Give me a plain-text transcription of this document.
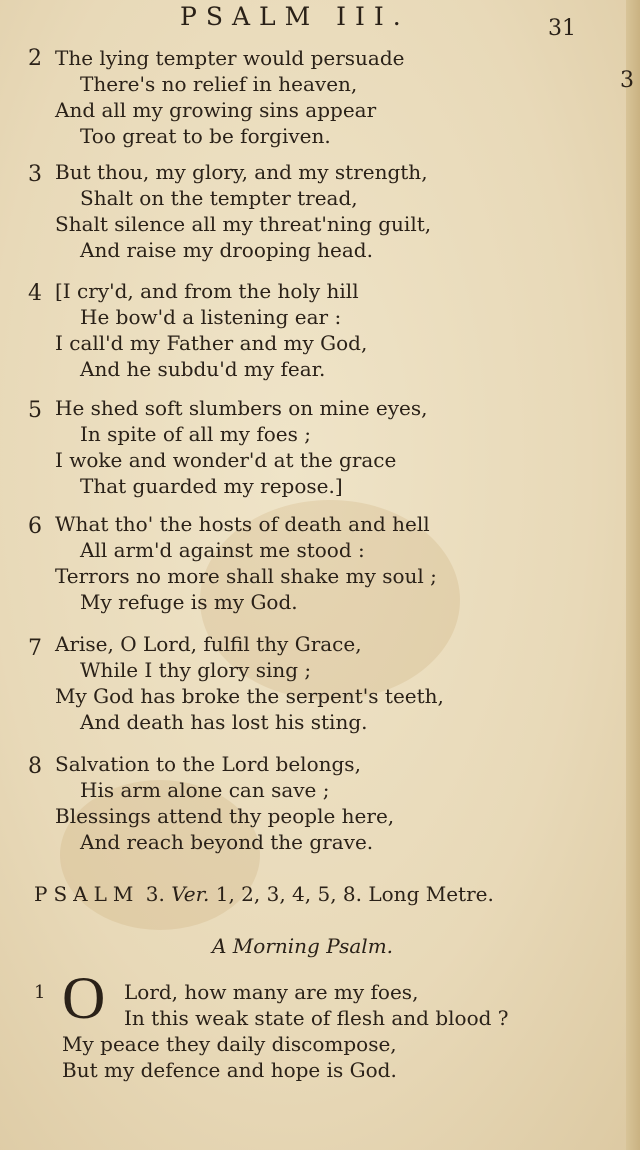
PSALM III.	31
3
2 The lying tempter would persuade
There's no relief in heaven,
And all my growing sins appear
Too great to be forgiven.
3 But thou, my glory, and my strength,
Shalt on the tempter tread,
Shalt silence all my threat'ning guilt,
And raise my drooping head.
4 [I cry'd, and from the holy hill
He bow'd a listening ear :
I call'd my Father and my God,
And he subdu'd my fear.
5 He shed soft slumbers on mine eyes,
In spite of all my foes ;
I woke and wonder'd at the grace
That guarded my repose.]
6 What tho' the hosts of death and hell
All arm'd against me stood :
Terrors no more shall shake my soul ;
My refuge is my God.
7 Arise, O Lord, fulfil thy Grace,
While I thy glory sing ;
My God has broke the serpent's teeth,
And death has lost his sting.
8 Salvation to the Lord belongs,
His arm alone can save ;
Blessings attend thy people here,
And reach beyond the grave.
PSALM 3. Ver. 1, 2, 3, 4, 5, 8. Long Metre.
A Morning Psalm.
1	Lord, how many are my foes,
In this weak state of flesh and blood ?
My peace they daily discompose,
But my defence and hope is God.
O
